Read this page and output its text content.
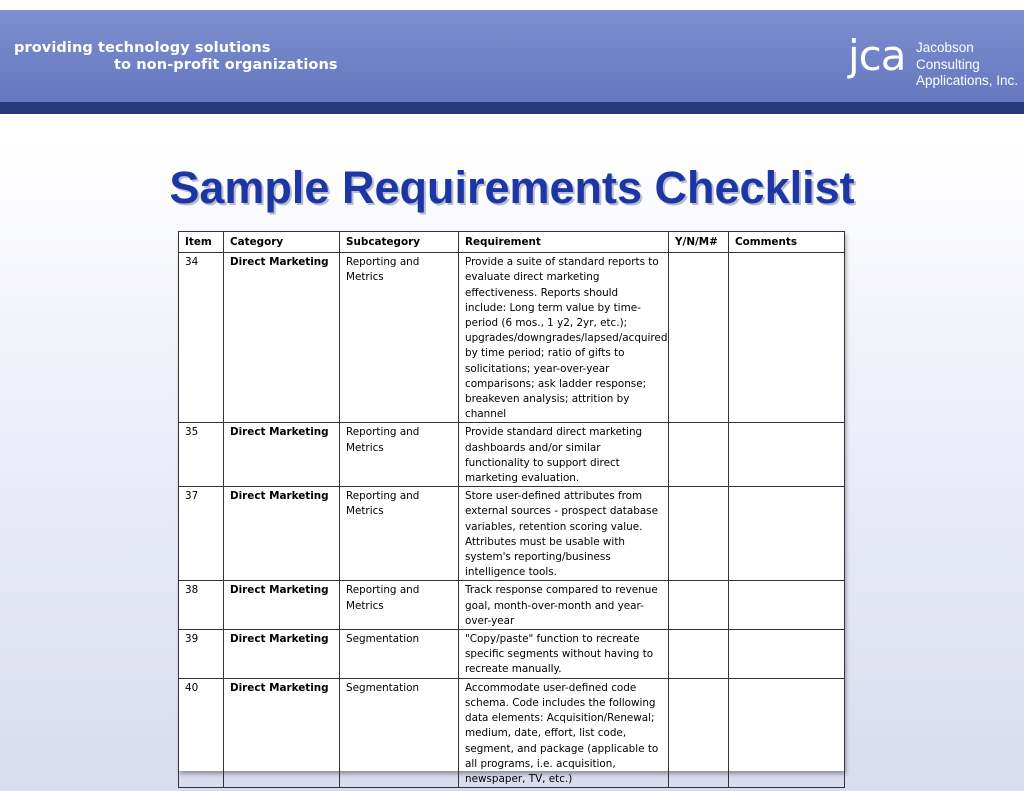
providing technology solutions
to non-profit organizations	jca Jacobson
Consulting
Applications, Inc.
Sample Requirements Checklist
Item	Category	Subcategory	Requirement	Y/N/M#	Comments
34	Direct Marketing	Reporting and Metrics	Provide a suite of standard reports to evaluate direct marketing effectiveness. Reports should include: Long term value by time-period (6 mos., 1 y2, 2yr, etc.); upgrades/downgrades/lapsed/acquired by time period; ratio of gifts to solicitations; year-over-year comparisons; ask ladder response; breakeven analysis; attrition by channel		
35	Direct Marketing	Reporting and Metrics	Provide standard direct marketing dashboards and/or similar functionality to support direct marketing evaluation.		
37	Direct Marketing	Reporting and Metrics	Store user-defined attributes from external sources - prospect database variables, retention scoring value. Attributes must be usable with system's reporting/business intelligence tools.		
38	Direct Marketing	Reporting and Metrics	Track response compared to revenue goal, month-over-month and year-over-year		
39	Direct Marketing	Segmentation	"Copy/paste" function to recreate specific segments without having to recreate manually.		
40	Direct Marketing	Segmentation	Accommodate user-defined code schema. Code includes the following data elements: Acquisition/Renewal; medium, date, effort, list code, segment, and package (applicable to all programs, i.e. acquisition, newspaper, TV, etc.)		
